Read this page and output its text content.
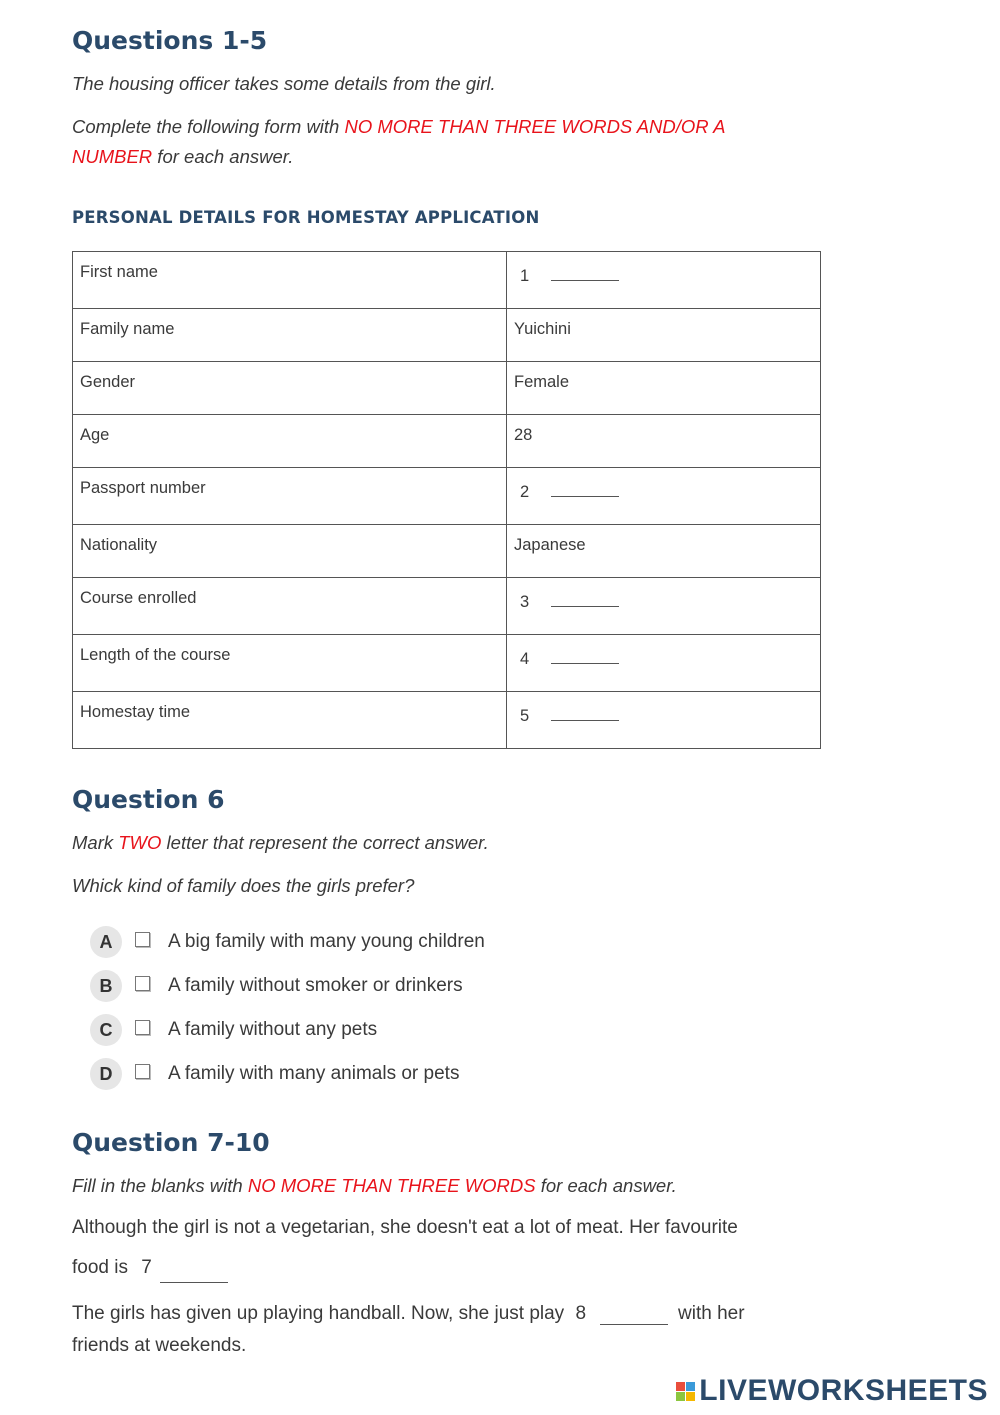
Questions 1-5
The housing officer takes some details from the girl.
Complete the following form with NO MORE THAN THREE WORDS AND/OR A
NUMBER for each answer.
PERSONAL DETAILS FOR HOMESTAY APPLICATION
First name	1

Family name	Yuichini

Gender	Female

Age	28

Passport number	2

Nationality	Japanese

Course enrolled	3

Length of the course	4

Homestay time	5
Question 6
Mark TWO letter that represent the correct answer.
Whick kind of family does the girls prefer?
A	A big family with many young children
B	A family without smoker or drinkers
C	A family without any pets
D	A family with many animals or pets
Question 7-10
Fill in the blanks with NO MORE THAN THREE WORDS for each answer.
Although the girl is not a vegetarian, she doesn't eat a lot of meat. Her favourite
food is 7
The girls has given up playing handball. Now, she just play 8	with her
friends at weekends.
LIVEWORKSHEETS
